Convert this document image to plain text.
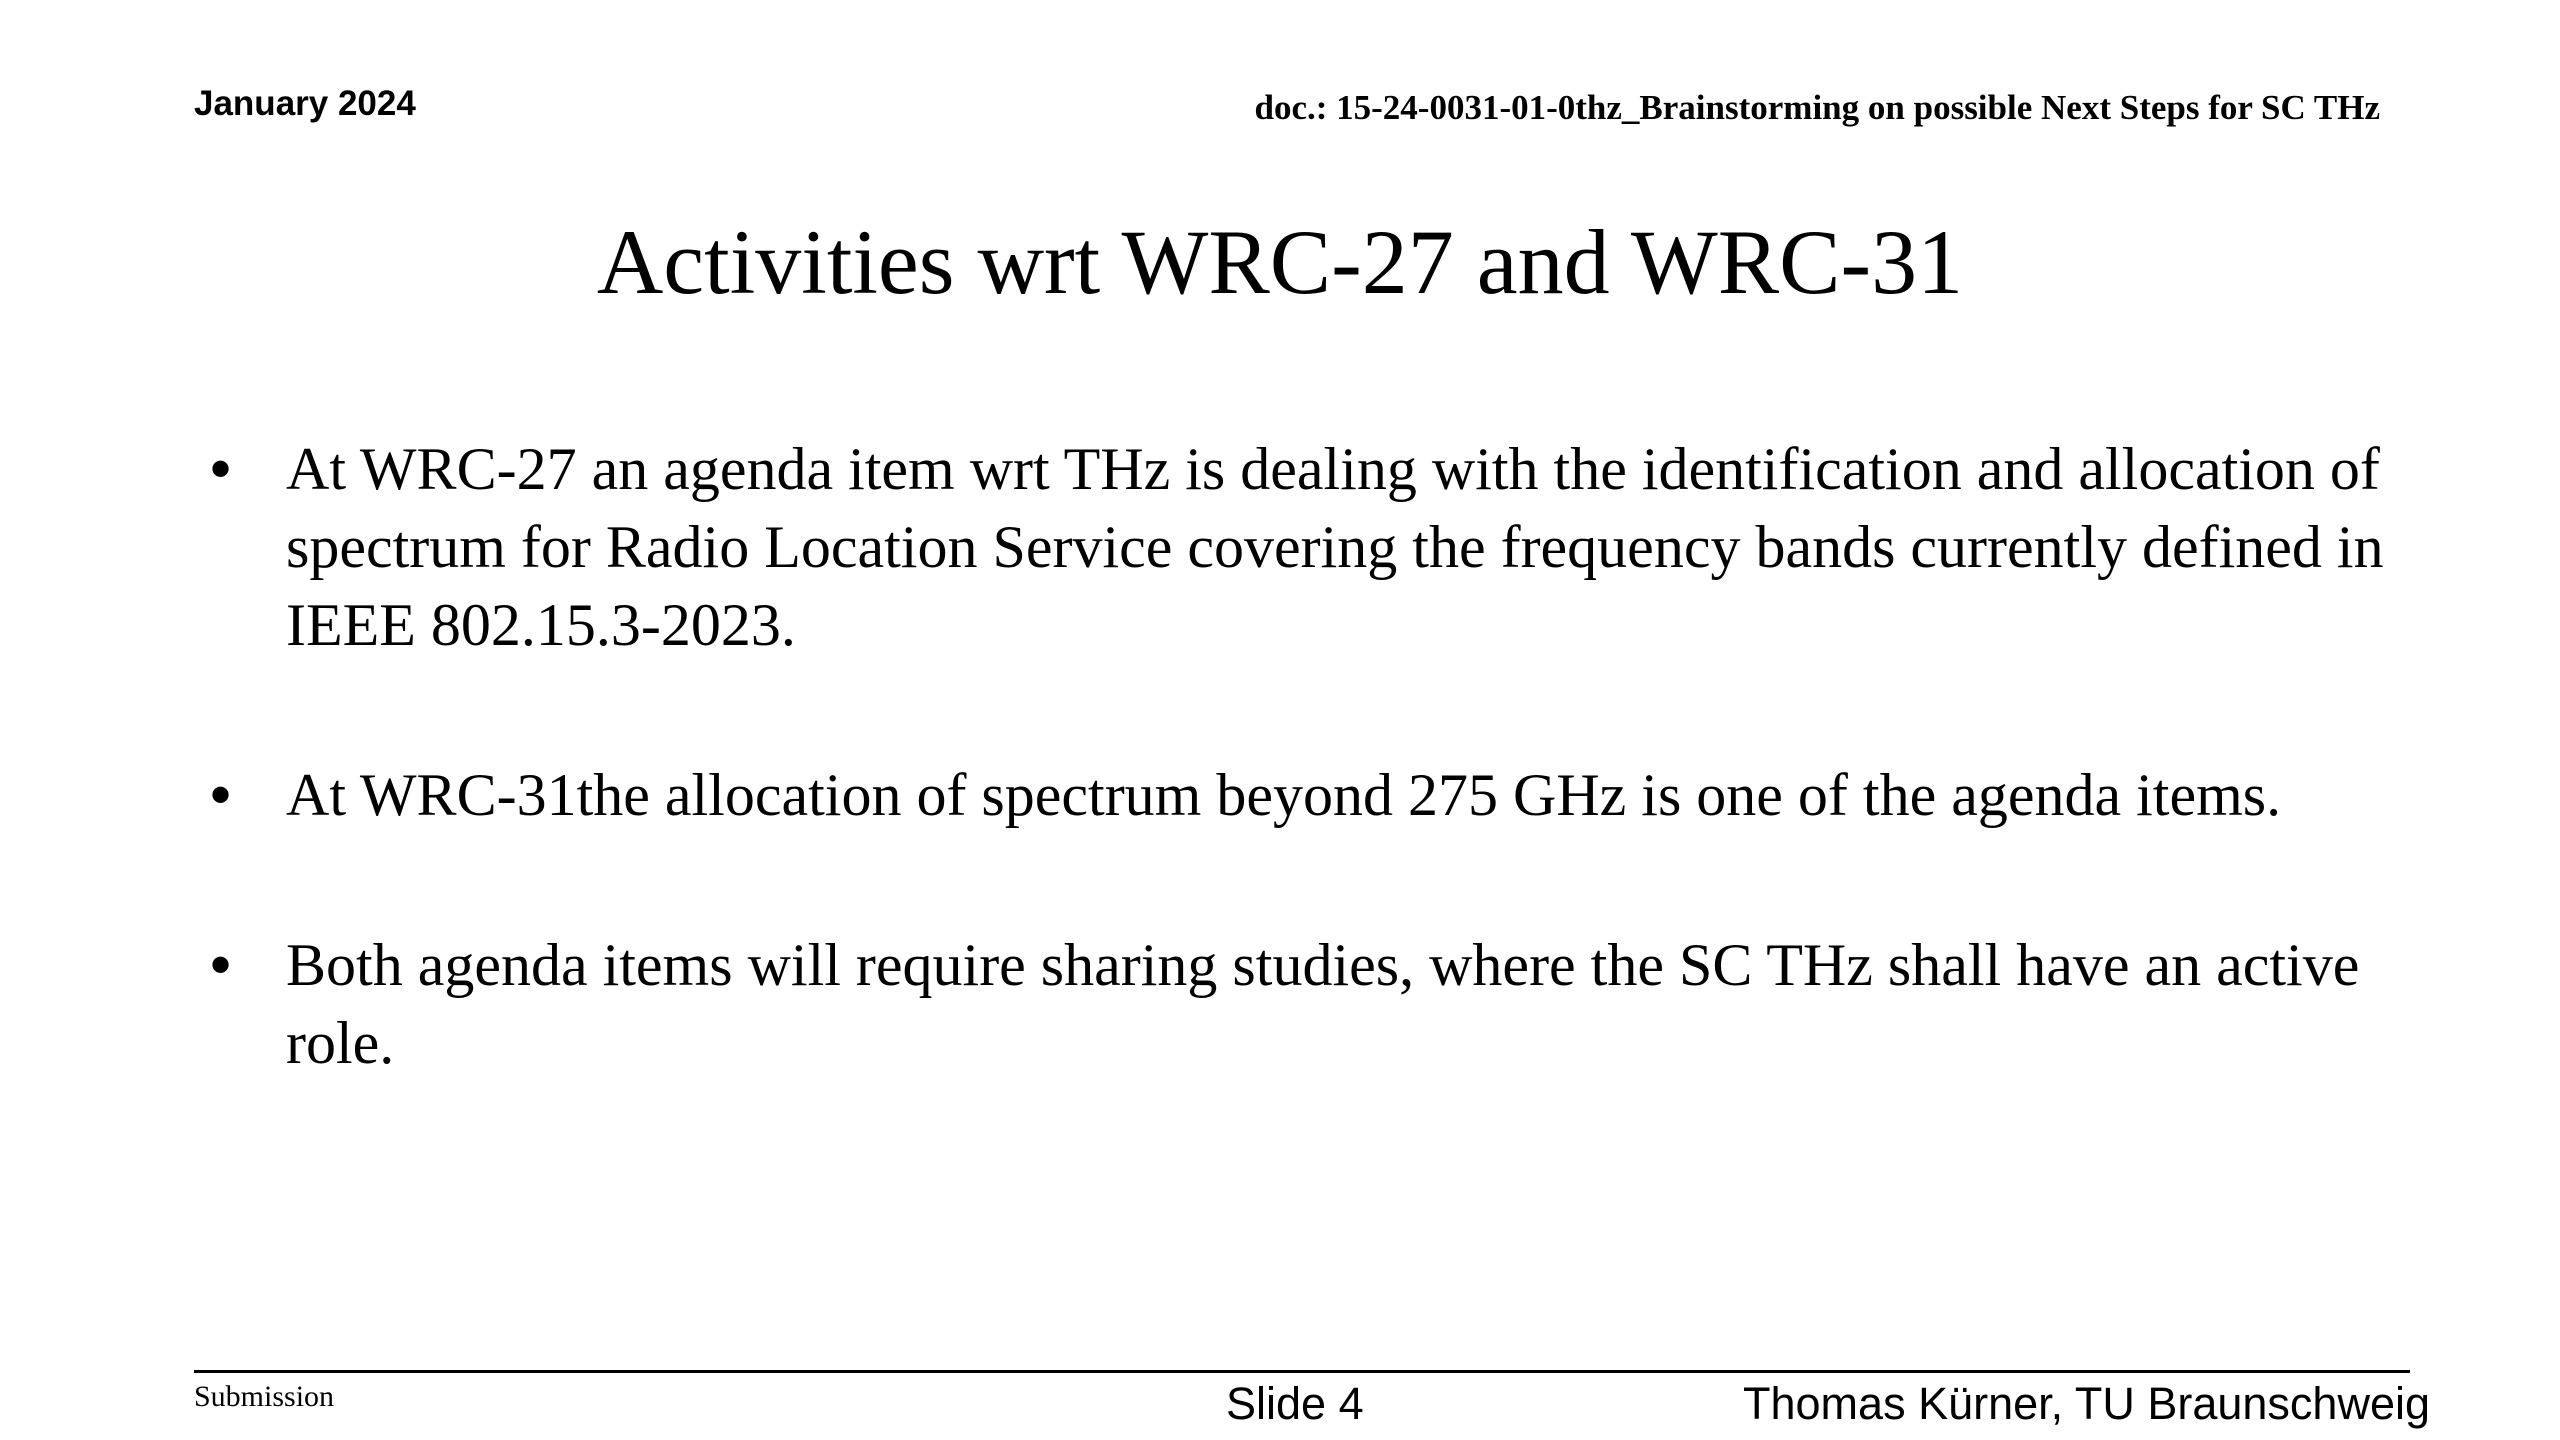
January 2024	doc.: 15-24-0031-01-0thz_Brainstorming on possible Next Steps for SC THz
Activities wrt WRC-27 and WRC-31
• At WRC-27 an agenda item wrt THz is dealing with the identification and allocation of spectrum for Radio Location Service covering the frequency bands currently defined in IEEE 802.15.3-2023.
• At WRC-31the allocation of spectrum beyond 275 GHz is one of the agenda items.
• Both agenda items will require sharing studies, where the SC THz shall have an active role.
Submission	Slide 4	Thomas Kürner, TU Braunschweig
